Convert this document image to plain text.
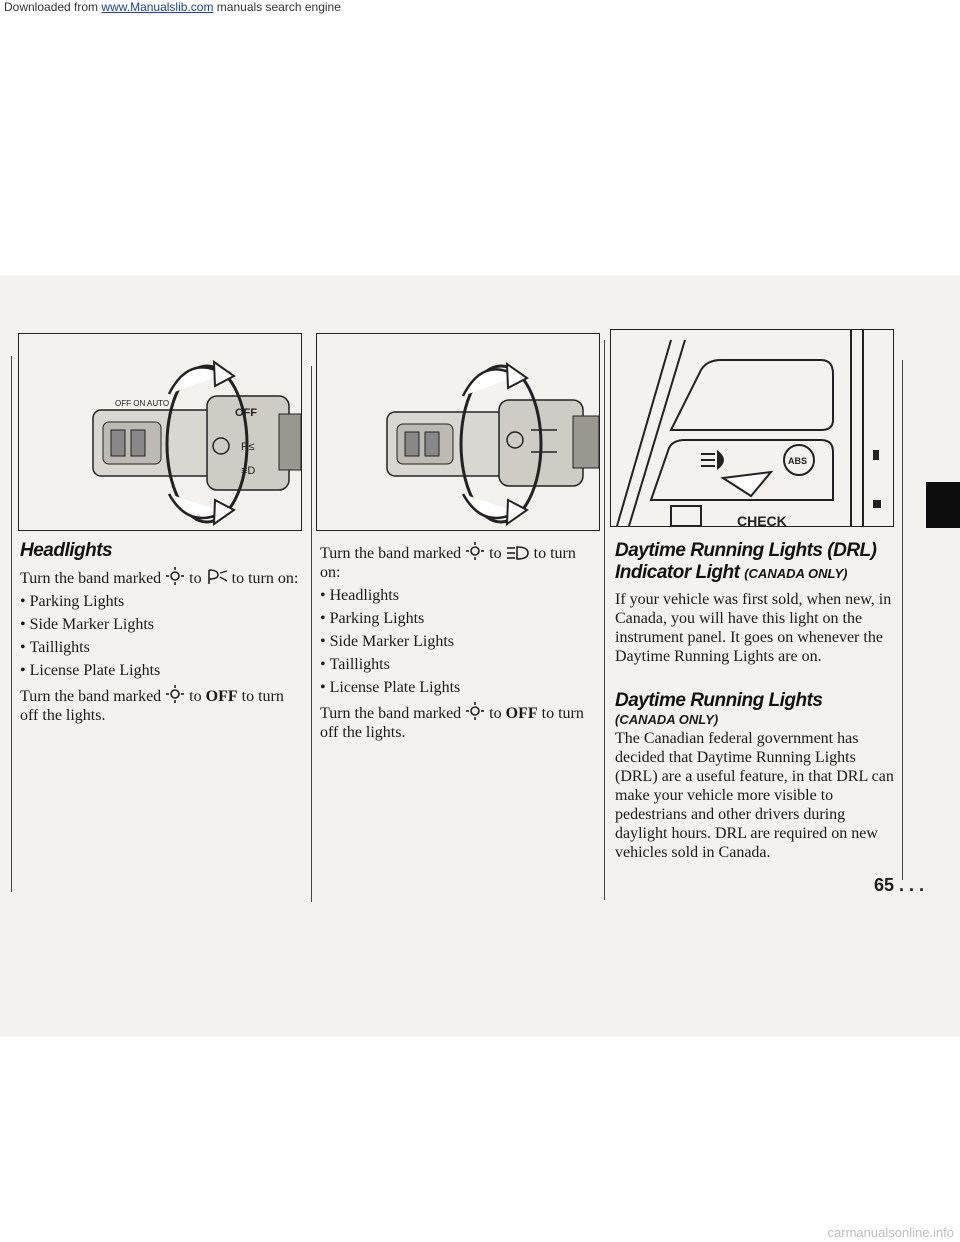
Downloaded from www.Manualslib.com manuals search engine
OFF ON AUTO
OFF
P≤
≡D
ABS
CHECK
Headlights

Turn the band marked to to turn on:

• Parking Lights
• Side Marker Lights
• Taillights
• License Plate Lights

Turn the band marked to OFF to turn off the lights.

Turn the band marked to to turn on:

• Headlights
• Parking Lights
• Side Marker Lights
• Taillights
• License Plate Lights

Turn the band marked to OFF to turn off the lights.

Daytime Running Lights (DRL)
Indicator Light (CANADA ONLY)

If your vehicle was first sold, when new, in Canada, you will have this light on the instrument panel. It goes on whenever the Daytime Running Lights are on.

Daytime Running Lights
(CANADA ONLY)

The Canadian federal government has decided that Daytime Running Lights (DRL) are a useful feature, in that DRL can make your vehicle more visible to pedestrians and other drivers during daylight hours. DRL are required on new vehicles sold in Canada.

65 . . .
carmanualsonline.info
